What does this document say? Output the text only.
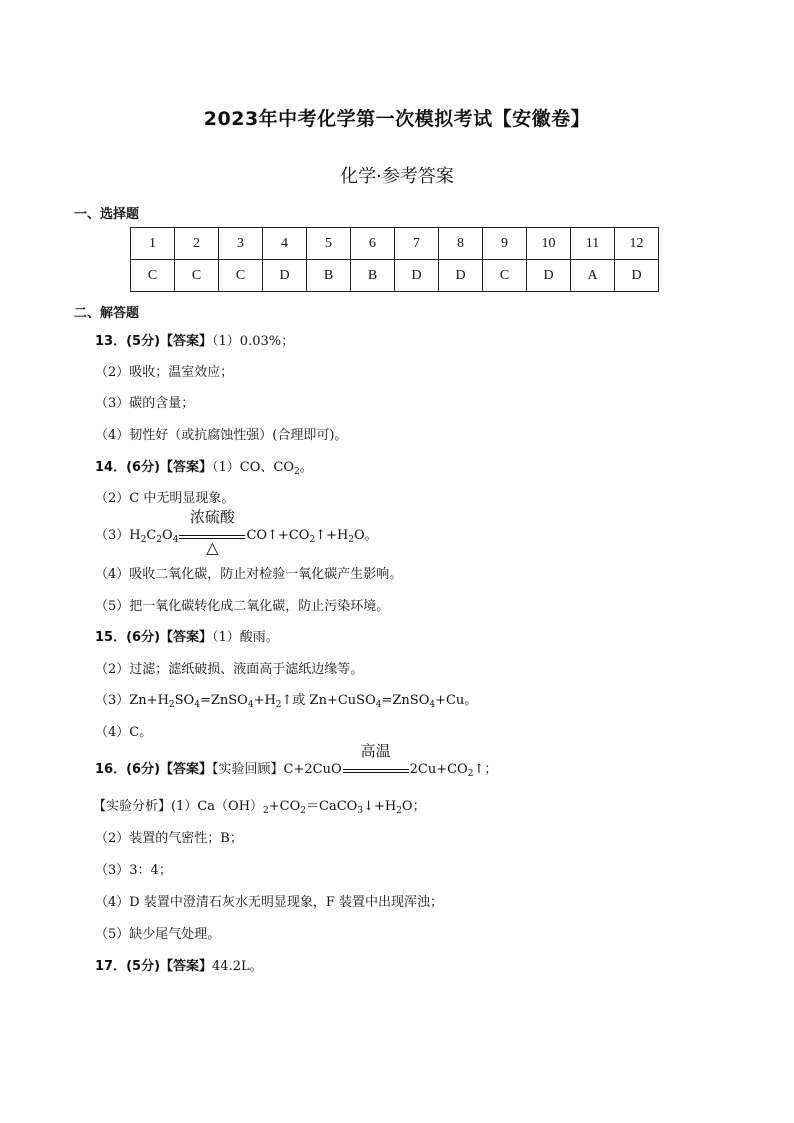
2023年中考化学第一次模拟考试【安徽卷】
化学·参考答案
一、选择题
1	2	3	4	5	6	7	8	9	10	11	12
C	C	C	D	B	B	D	D	C	D	A	D
二、解答题
13．(5分)【答案】（1）0.03%；
（2）吸收；温室效应；
（3）碳的含量；
（4）韧性好（或抗腐蚀性强）(合理即可)。
14．(6分)【答案】（1）CO、$CO_2$。
（2）C 中无明显现象。
$(3)H_2C_2O_4$
浓硫酸
△
$CO↑+CO_2↑+H_2O$。
（4）吸收二氧化碳，防止对检验一氧化碳产生影响。
（5）把一氧化碳转化成二氧化碳，防止污染环境。
15．(6分)【答案】（1）酸雨。
（2）过滤；滤纸破损、液面高于滤纸边缘等。
$(3)Zn+H_2SO_4=ZnSO_4+H_2↑$或 Zn+CuSO$_4$=ZnSO$_4$+Cu。
（4）C。
16．(6分)【答案】【实验回顾】C+2CuO
高温
$2Cu+CO_2↑$；
【实验分析】$(1)Ca(OH)_2+CO_2=CaCO_3↓+H_2O$；
（2）装置的气密性；B；
（3）3：4；
（4）D 装置中澄清石灰水无明显现象，F 装置中出现浑浊；
（5）缺少尾气处理。
17．(5分)【答案】44.2L。
